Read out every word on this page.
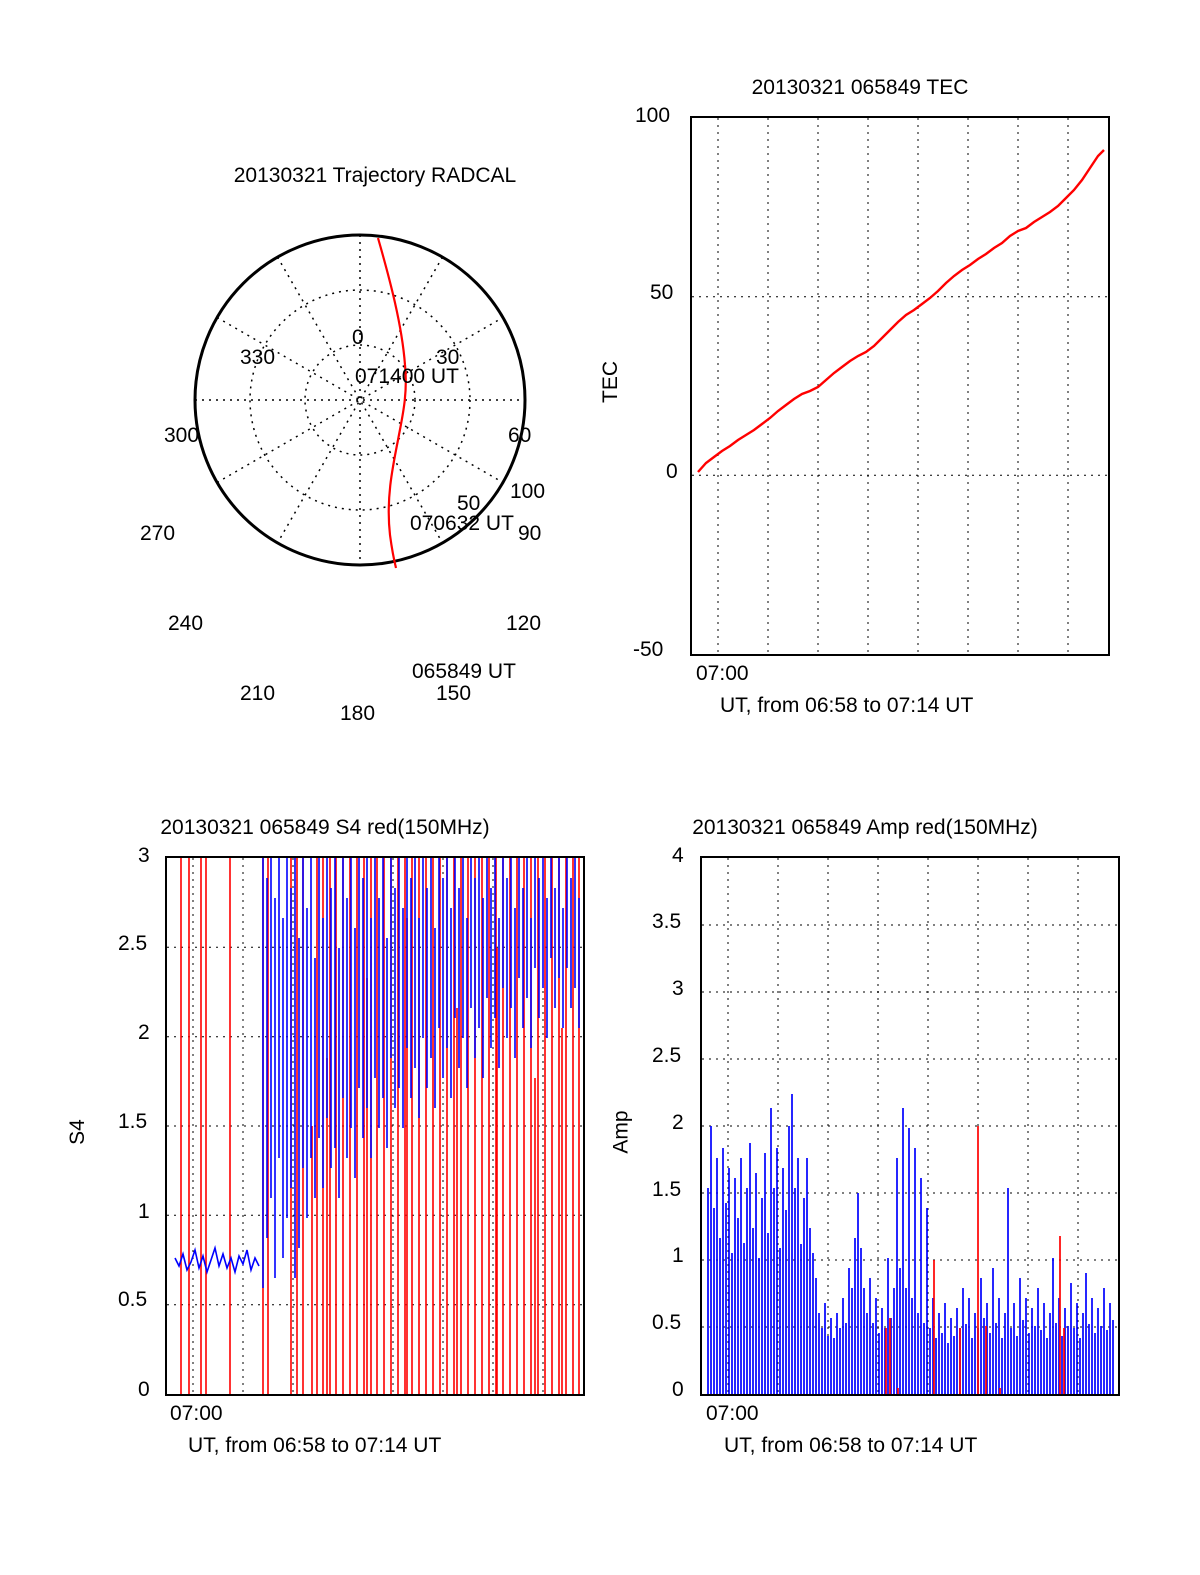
20130321 Trajectory RADCAL
0
30
60
90
120
150
180
210
240
270
300
330
50
100
071400 UT
070632 UT
065849 UT
20130321 065849 TEC
TEC
100
50
0
-50
07:00
UT, from 06:58 to 07:14 UT
20130321 065849 S4 red(150MHz)
S4
3
2.5
2
1.5
1
0.5
0
07:00
UT, from 06:58 to 07:14 UT
20130321 065849 Amp red(150MHz)
Amp
4
3.5
3
2.5
2
1.5
1
0.5
0
07:00
UT, from 06:58 to 07:14 UT
